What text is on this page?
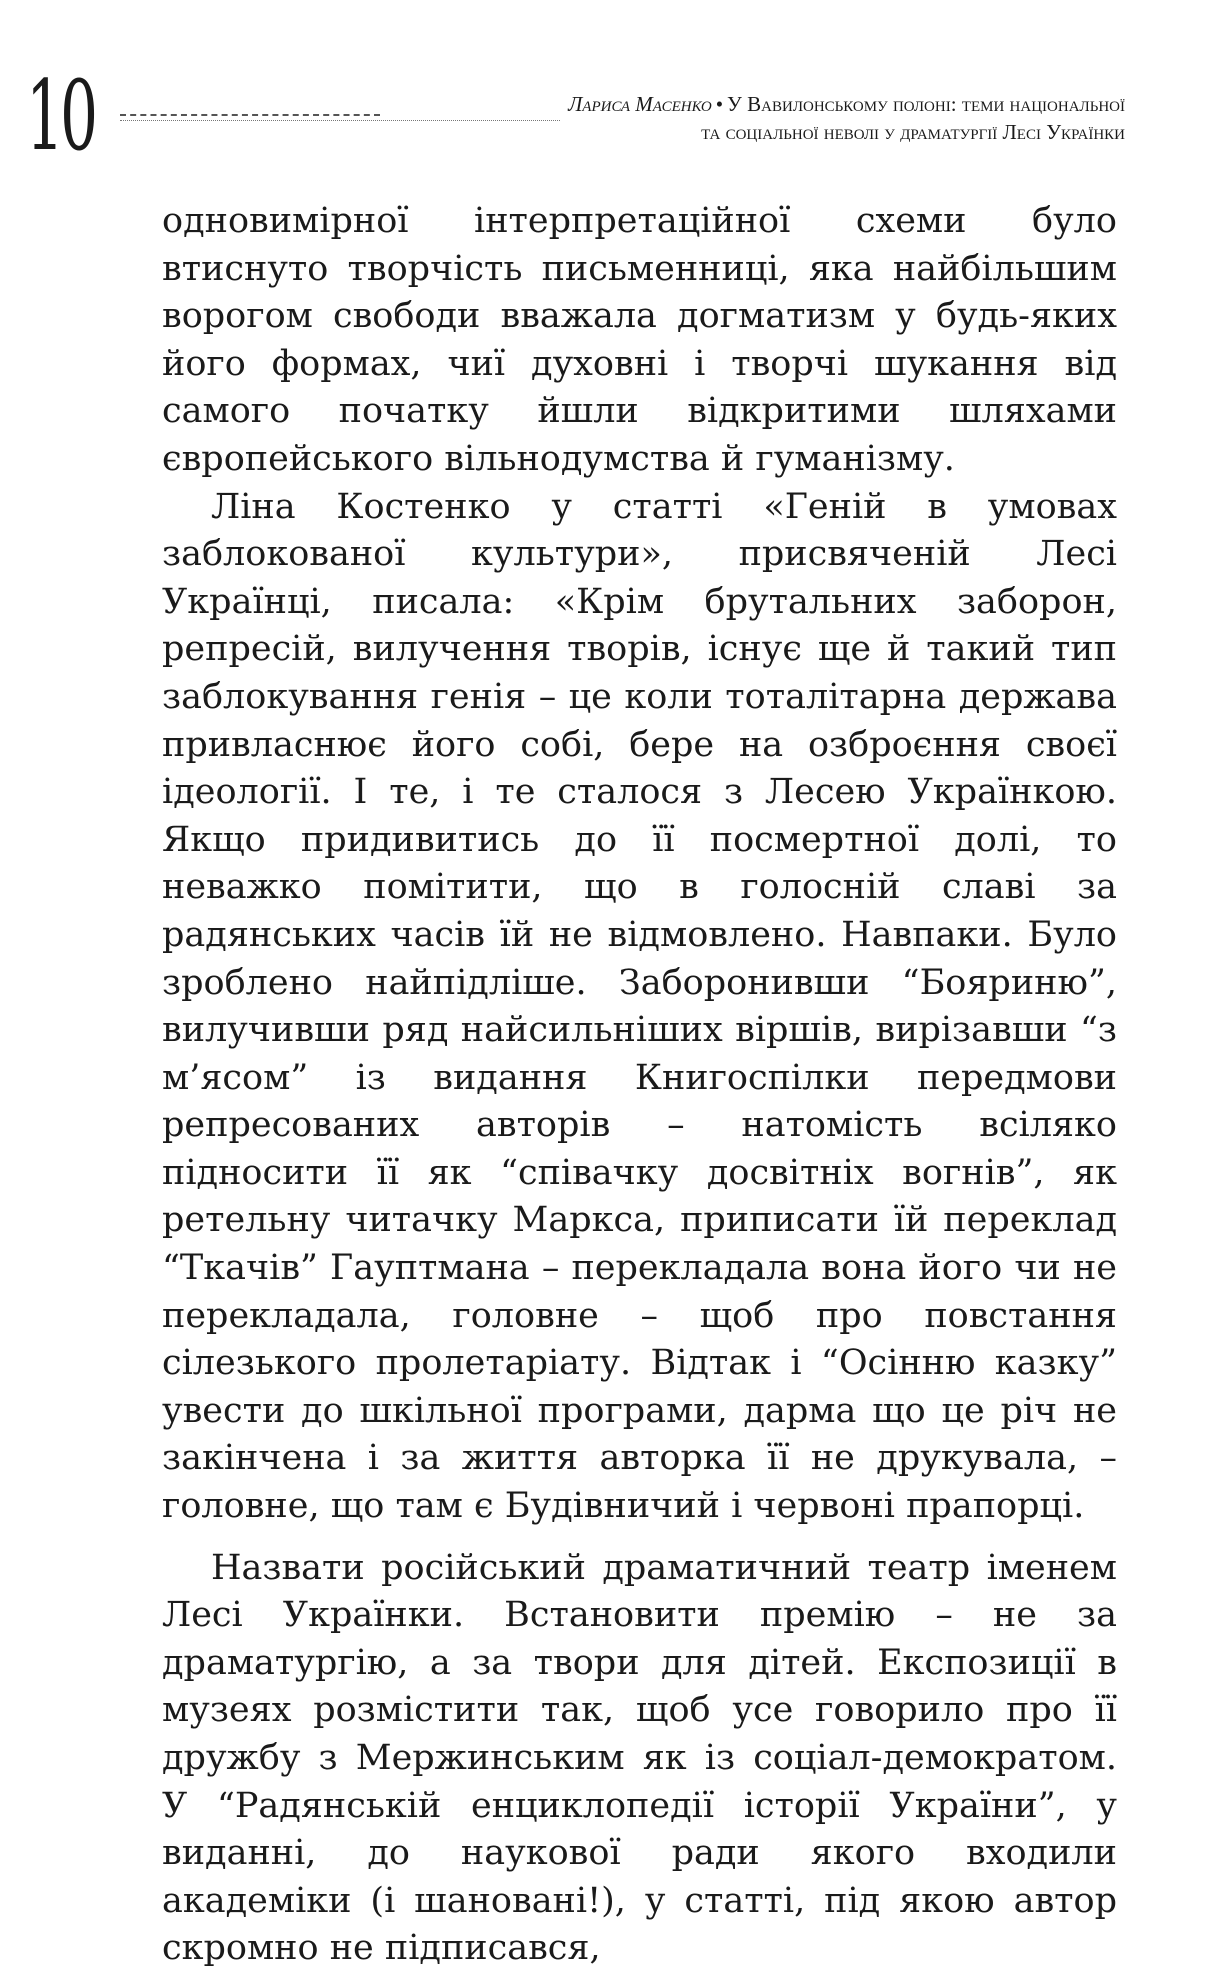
10	Лариса Масенко • У Вавилонському полоні: теми національної
та соціальної неволі у драматургії Лесі Українки

одновимірної інтерпретаційної схеми було втиснуто творчість письменниці, яка найбільшим ворогом свободи вважала догматизм у будь-яких його формах, чиї духовні і творчі шукання від самого початку йшли відкритими шляхами європейського вільнодумства й гуманізму.

Ліна Костенко у статті «Геній в умовах заблокованої культури», присвяченій Лесі Українці, писала: «Крім брутальних заборон, репресій, вилучення творів, існує ще й такий тип заблокування генія – це коли тоталітарна держава привласнює його собі, бере на озброєння своєї ідеології. І те, і те сталося з Лесею Українкою. Якщо придивитись до її посмертної долі, то неважко помітити, що в голосній славі за радянських часів їй не відмовлено. Навпаки. Було зроблено найпідліше. Заборонивши “Бояриню”, вилучивши ряд найсильніших віршів, вирізавши “з м’ясом” із видання Книгоспілки передмови репресованих авторів – натомість всіляко підносити її як “співачку досвітніх вогнів”, як ретельну читачку Маркса, приписати їй переклад “Ткачів” Гауптмана – перекладала вона його чи не перекладала, головне – щоб про повстання сілезького пролетаріату. Відтак і “Осінню казку” увести до шкільної програми, дарма що це річ не закінчена і за життя авторка її не друкувала, – головне, що там є Будівничий і червоні прапорці.

Назвати російський драматичний театр іменем Лесі Українки. Встановити премію – не за драматургію, а за твори для дітей. Експозиції в музеях розмістити так, щоб усе говорило про її дружбу з Мержинським як із соціал-демократом. У “Радянській енциклопедії історії України”, у виданні, до наукової ради якого входили академіки (і шановані!), у статті, під якою автор скромно не підписався,
